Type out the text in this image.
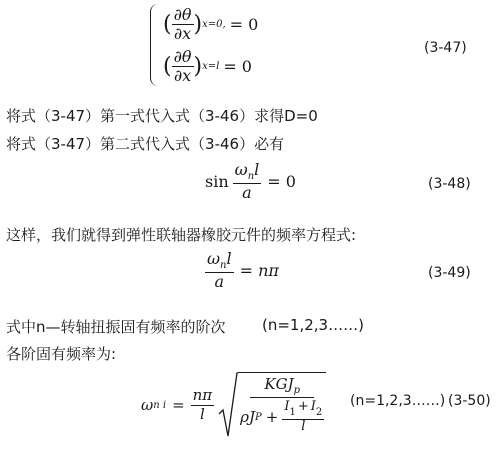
( $\frac{\partial\theta}{\partial x}$ ) x=0, = 0
( $\frac{\partial\theta}{\partial x}$ ) x=l = 0
(3-47)
将式（3-47）第一式代入式（3-46）求得D=0
将式（3-47）第二式代入式（3-46）必有
$\sin \frac{\omega_nl}{a} = 0$	(3-48)
这样，我们就得到弹性联轴器橡胶元件的频率方程式:
$\frac{\omega_nl}{a} = n\pi$	(3-49)
式中n—转轴扭振固有频率的阶次 (n=1,2,3……)
各阶固有频率为:
ω n $i = \frac{n\pi}{l}$
$KGJ_p$
ρJ $P + \frac{I_1 + I_2}{l}$ (n=1,2,3……) (3-50)
